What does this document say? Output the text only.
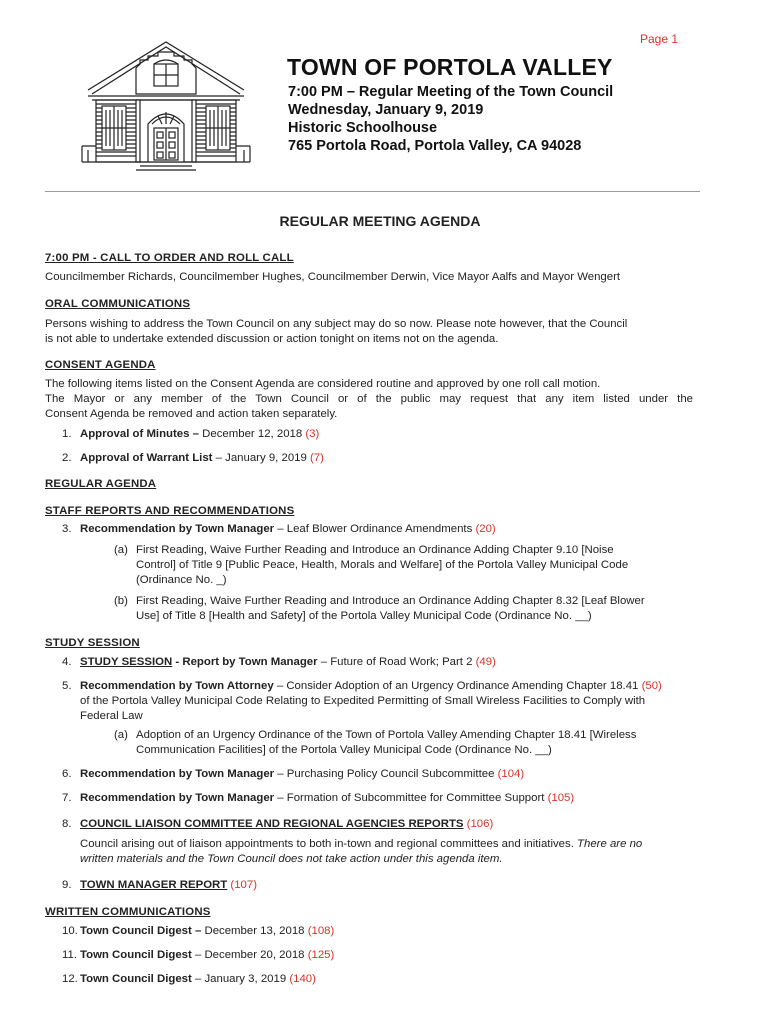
Page 1
TOWN OF PORTOLA VALLEY
7:00 PM – Regular Meeting of the Town Council
Wednesday, January 9, 2019
Historic Schoolhouse
765 Portola Road, Portola Valley, CA 94028
REGULAR MEETING AGENDA
7:00 PM - CALL TO ORDER AND ROLL CALL
Councilmember Richards, Councilmember Hughes, Councilmember Derwin, Vice Mayor Aalfs and Mayor Wengert
ORAL COMMUNICATIONS
Persons wishing to address the Town Council on any subject may do so now. Please note however, that the Council
is not able to undertake extended discussion or action tonight on items not on the agenda.
CONSENT AGENDA
The following items listed on the Consent Agenda are considered routine and approved by one roll call motion.
The Mayor or any member of the Town Council or of the public may request that any item listed under the
Consent Agenda be removed and action taken separately.
1. Approval of Minutes – December 12, 2018 (3)
2. Approval of Warrant List – January 9, 2019 (7)
REGULAR AGENDA
STAFF REPORTS AND RECOMMENDATIONS
3. Recommendation by Town Manager – Leaf Blower Ordinance Amendments (20)
(a) First Reading, Waive Further Reading and Introduce an Ordinance Adding Chapter 9.10 [Noise
Control] of Title 9 [Public Peace, Health, Morals and Welfare] of the Portola Valley Municipal Code
(Ordinance No. _)
(b) First Reading, Waive Further Reading and Introduce an Ordinance Adding Chapter 8.32 [Leaf Blower
Use] of Title 8 [Health and Safety] of the Portola Valley Municipal Code (Ordinance No. __)
STUDY SESSION
4. STUDY SESSION - Report by Town Manager – Future of Road Work; Part 2 (49)
5. Recommendation by Town Attorney – Consider Adoption of an Urgency Ordinance Amending Chapter 18.41 (50)
of the Portola Valley Municipal Code Relating to Expedited Permitting of Small Wireless Facilities to Comply with
Federal Law
(a) Adoption of an Urgency Ordinance of the Town of Portola Valley Amending Chapter 18.41 [Wireless
Communication Facilities] of the Portola Valley Municipal Code (Ordinance No. __)
6. Recommendation by Town Manager – Purchasing Policy Council Subcommittee (104)
7. Recommendation by Town Manager – Formation of Subcommittee for Committee Support (105)
8. COUNCIL LIAISON COMMITTEE AND REGIONAL AGENCIES REPORTS (106)
Council arising out of liaison appointments to both in-town and regional committees and initiatives. There are no
written materials and the Town Council does not take action under this agenda item.
9. TOWN MANAGER REPORT (107)
WRITTEN COMMUNICATIONS
10. Town Council Digest – December 13, 2018 (108)
11. Town Council Digest – December 20, 2018 (125)
12. Town Council Digest – January 3, 2019 (140)
